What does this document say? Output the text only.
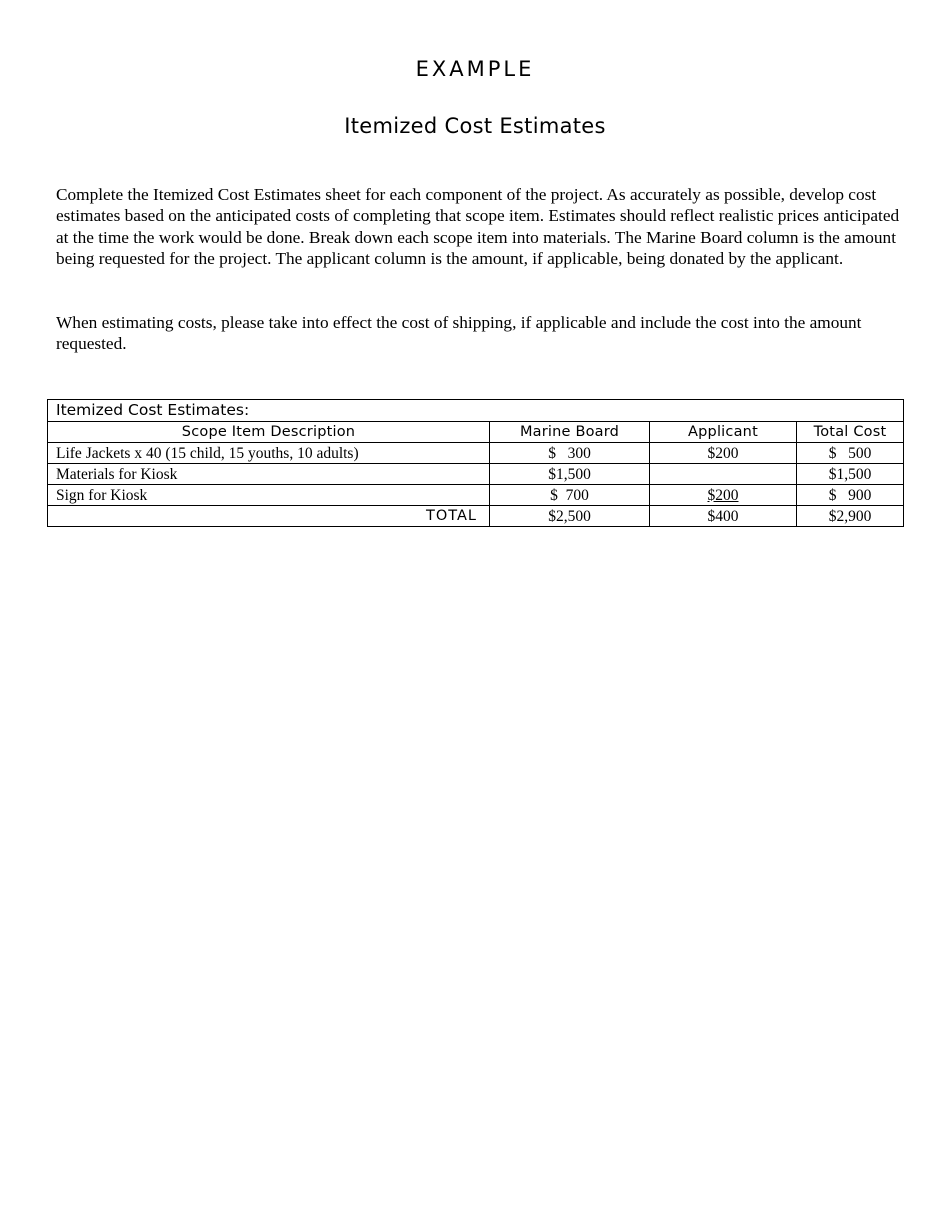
EXAMPLE
Itemized Cost Estimates

Complete the Itemized Cost Estimates sheet for each component of the project. As accurately as possible, develop cost estimates based on the anticipated costs of completing that scope item. Estimates should reflect realistic prices anticipated at the time the work would be done. Break down each scope item into materials. The Marine Board column is the amount being requested for the project. The applicant column is the amount, if applicable, being donated by the applicant.

When estimating costs, please take into effect the cost of shipping, if applicable and include the cost into the amount requested.

Itemized Cost Estimates:			
Scope Item Description	Marine Board	Applicant	Total Cost
Life Jackets x 40 (15 child, 15 youths, 10 adults)	$   300	$200	$   500
Materials for Kiosk	$1,500		$1,500
Sign for Kiosk	$  700	$200	$   900
TOTAL	$2,500	$400	$2,900
